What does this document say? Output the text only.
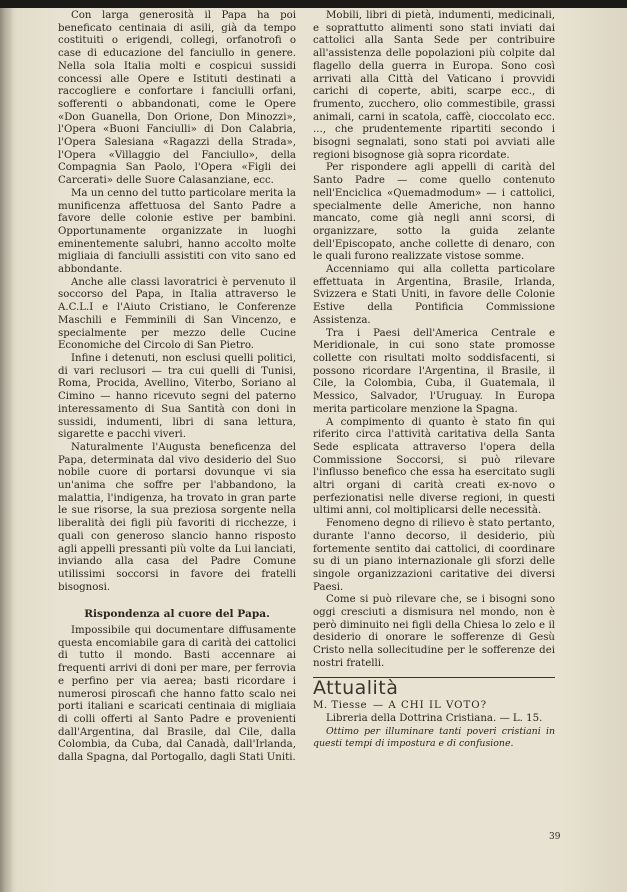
Con larga generosità il Papa ha poi beneficato centinaia di asili, già da tempo costituiti o erigendi, collegi, orfanotrofi o case di educazione del fanciullo in genere. Nella sola Italia molti e cospicui sussidi concessi alle Opere e Istituti destinati a raccogliere e confortare i fanciulli orfani, sofferenti o abbandonati, come le Opere «Don Guanella, Don Orione, Don Minozzi», l'Opera «Buoni Fanciulli» di Don Calabria, l'Opera Salesiana «Ragazzi della Strada», l'Opera «Villaggio del Fanciullo», della Compagnia San Paolo, l'Opera «Figli dei Carcerati» delle Suore Calasanziane, ecc.

Ma un cenno del tutto particolare merita la munificenza affettuosa del Santo Padre a favore delle colonie estive per bambini. Opportunamente organizzate in luoghi eminentemente salubri, hanno accolto molte migliaia di fanciulli assistiti con vito sano ed abbondante.

Anche alle classi lavoratrici è pervenuto il soccorso del Papa, in Italia attraverso le A.C.L.I e l'Aiuto Cristiano, le Conferenze Maschili e Femminili di San Vincenzo, e specialmente per mezzo delle Cucine Economiche del Circolo di San Pietro.

Infine i detenuti, non esclusi quelli politici, di vari reclusori — tra cui quelli di Tunisi, Roma, Procida, Avellino, Viterbo, Soriano al Cimino — hanno ricevuto segni del paterno interessamento di Sua Santità con doni in sussidi, indumenti, libri di sana lettura, sigarette e pacchi viveri.

Naturalmente l'Augusta beneficenza del Papa, determinata dal vivo desiderio del Suo nobile cuore di portarsi dovunque vi sia un'anima che soffre per l'abbandono, la malattia, l'indigenza, ha trovato in gran parte le sue risorse, la sua preziosa sorgente nella liberalità dei figli più favoriti di ricchezze, i quali con generoso slancio hanno risposto agli appelli pressanti più volte da Lui lanciati, inviando alla casa del Padre Comune utilissimi soccorsi in favore dei fratelli bisognosi.

Rispondenza al cuore del Papa.

Impossibile qui documentare diffusamente questa encomiabile gara di carità dei cattolici di tutto il mondo. Basti accennare ai frequenti arrivi di doni per mare, per ferrovia e perfino per via aerea; basti ricordare i numerosi piroscafi che hanno fatto scalo nei porti italiani e scaricati centinaia di migliaia di colli offerti al Santo Padre e provenienti dall'Argentina, dal Brasile, dal Cile, dalla Colombia, da Cuba, dal Canadà, dall'Irlanda, dalla Spagna, dal Portogallo, dagli Stati Uniti.

Mobili, libri di pietà, indumenti, medicinali, e soprattutto alimenti sono stati inviati dai cattolici alla Santa Sede per contribuire all'assistenza delle popolazioni più colpite dal flagello della guerra in Europa. Sono così arrivati alla Città del Vaticano i provvidi carichi di coperte, abiti, scarpe ecc., di frumento, zucchero, olio commestibile, grassi animali, carni in scatola, caffè, cioccolato ecc. ..., che prudentemente ripartiti secondo i bisogni segnalati, sono stati poi avviati alle regioni bisognose già sopra ricordate.

Per rispondere agli appelli di carità del Santo Padre — come quello contenuto nell'Enciclica «Quemadmodum» — i cattolici, specialmente delle Americhe, non hanno mancato, come già negli anni scorsi, di organizzare, sotto la guida zelante dell'Episcopato, anche collette di denaro, con le quali furono realizzate vistose somme.

Accenniamo qui alla colletta particolare effettuata in Argentina, Brasile, Irlanda, Svizzera e Stati Uniti, in favore delle Colonie Estive della Pontificia Commissione Assistenza.

Tra i Paesi dell'America Centrale e Meridionale, in cui sono state promosse collette con risultati molto soddisfacenti, si possono ricordare l'Argentina, il Brasile, il Cile, la Colombia, Cuba, il Guatemala, il Messico, Salvador, l'Uruguay. In Europa merita particolare menzione la Spagna.

A compimento di quanto è stato fin qui riferito circa l'attività caritativa della Santa Sede esplicata attraverso l'opera della Commissione Soccorsi, si può rilevare l'influsso benefico che essa ha esercitato sugli altri organi di carità creati ex-novo o perfezionatisi nelle diverse regioni, in questi ultimi anni, col moltiplicarsi delle necessità.

Fenomeno degno di rilievo è stato pertanto, durante l'anno decorso, il desiderio, più fortemente sentito dai cattolici, di coordinare su di un piano internazionale gli sforzi delle singole organizzazioni caritative dei diversi Paesi.

Come si può rilevare che, se i bisogni sono oggi cresciuti a dismisura nel mondo, non è però diminuito nei figli della Chiesa lo zelo e il desiderio di onorare le sofferenze di Gesù Cristo nella sollecitudine per le sofferenze dei nostri fratelli.

Attualità

M. Tiesse — A CHI IL VOTO?

Libreria della Dottrina Cristiana. — L. 15.

Ottimo per illuminare tanti poveri cristiani in questi tempi di impostura e di confusione.

39
